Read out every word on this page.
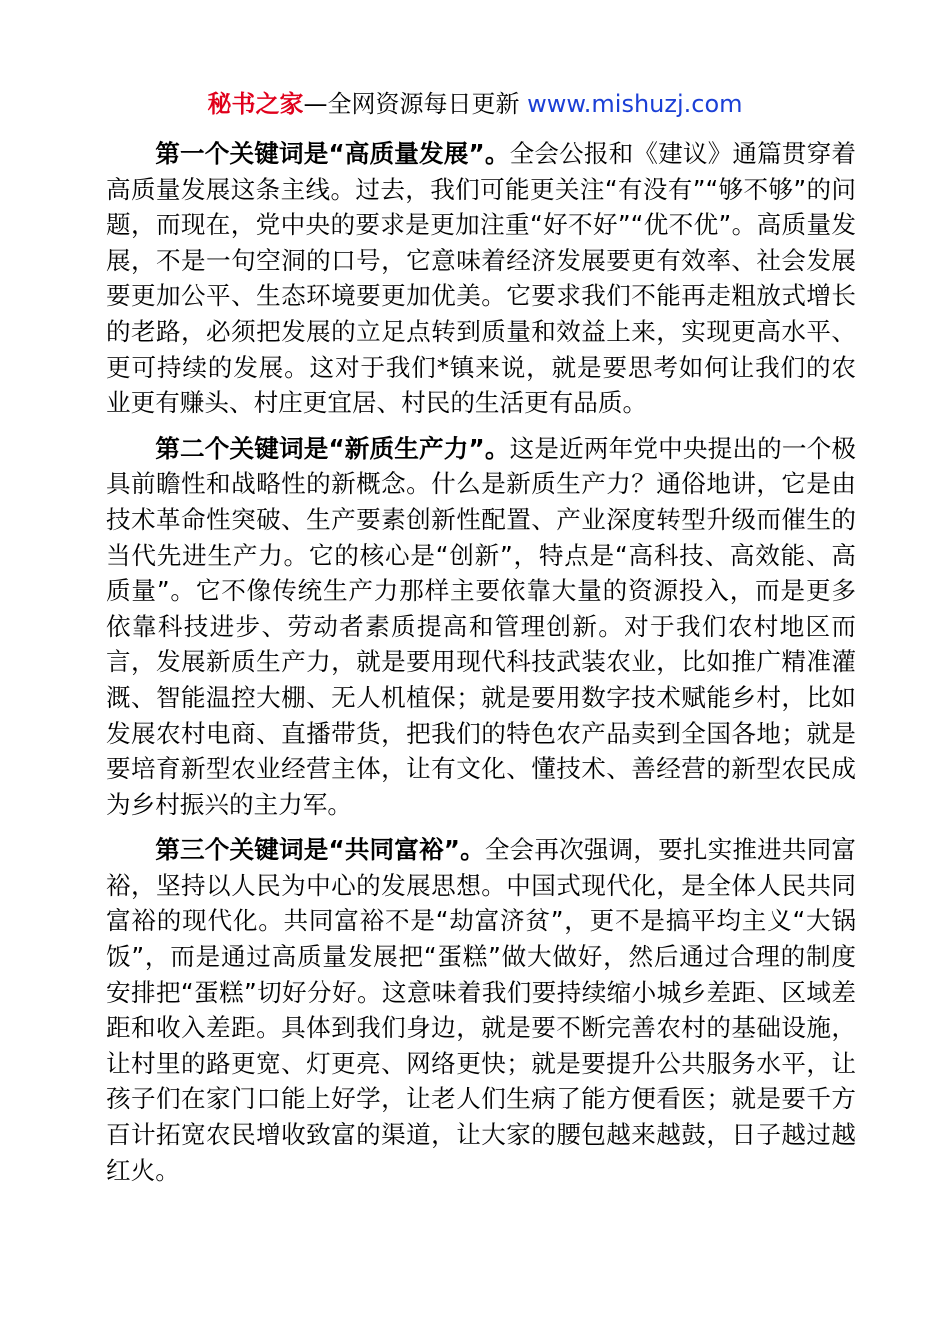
秘书之家—全网资源每日更新 www.mishuzj.com

第一个关键词是“高质量发展”。全会公报和《建议》通篇贯穿着高质量发展这条主线。过去，我们可能更关注“有没有”“够不够”的问题，而现在，党中央的要求是更加注重“好不好”“优不优”。高质量发展，不是一句空洞的口号，它意味着经济发展要更有效率、社会发展要更加公平、生态环境要更加优美。它要求我们不能再走粗放式增长的老路，必须把发展的立足点转到质量和效益上来，实现更高水平、更可持续的发展。这对于我们*镇来说，就是要思考如何让我们的农业更有赚头、村庄更宜居、村民的生活更有品质。

第二个关键词是“新质生产力”。这是近两年党中央提出的一个极具前瞻性和战略性的新概念。什么是新质生产力？通俗地讲，它是由技术革命性突破、生产要素创新性配置、产业深度转型升级而催生的当代先进生产力。它的核心是“创新”，特点是“高科技、高效能、高质量”。它不像传统生产力那样主要依靠大量的资源投入，而是更多依靠科技进步、劳动者素质提高和管理创新。对于我们农村地区而言，发展新质生产力，就是要用现代科技武装农业，比如推广精准灌溉、智能温控大棚、无人机植保；就是要用数字技术赋能乡村，比如发展农村电商、直播带货，把我们的特色农产品卖到全国各地；就是要培育新型农业经营主体，让有文化、懂技术、善经营的新型农民成为乡村振兴的主力军。

第三个关键词是“共同富裕”。全会再次强调，要扎实推进共同富裕，坚持以人民为中心的发展思想。中国式现代化，是全体人民共同富裕的现代化。共同富裕不是“劫富济贫”，更不是搞平均主义“大锅饭”，而是通过高质量发展把“蛋糕”做大做好，然后通过合理的制度安排把“蛋糕”切好分好。这意味着我们要持续缩小城乡差距、区域差距和收入差距。具体到我们身边，就是要不断完善农村的基础设施，让村里的路更宽、灯更亮、网络更快；就是要提升公共服务水平，让孩子们在家门口能上好学，让老人们生病了能方便看医；就是要千方百计拓宽农民增收致富的渠道，让大家的腰包越来越鼓，日子越过越红火。
